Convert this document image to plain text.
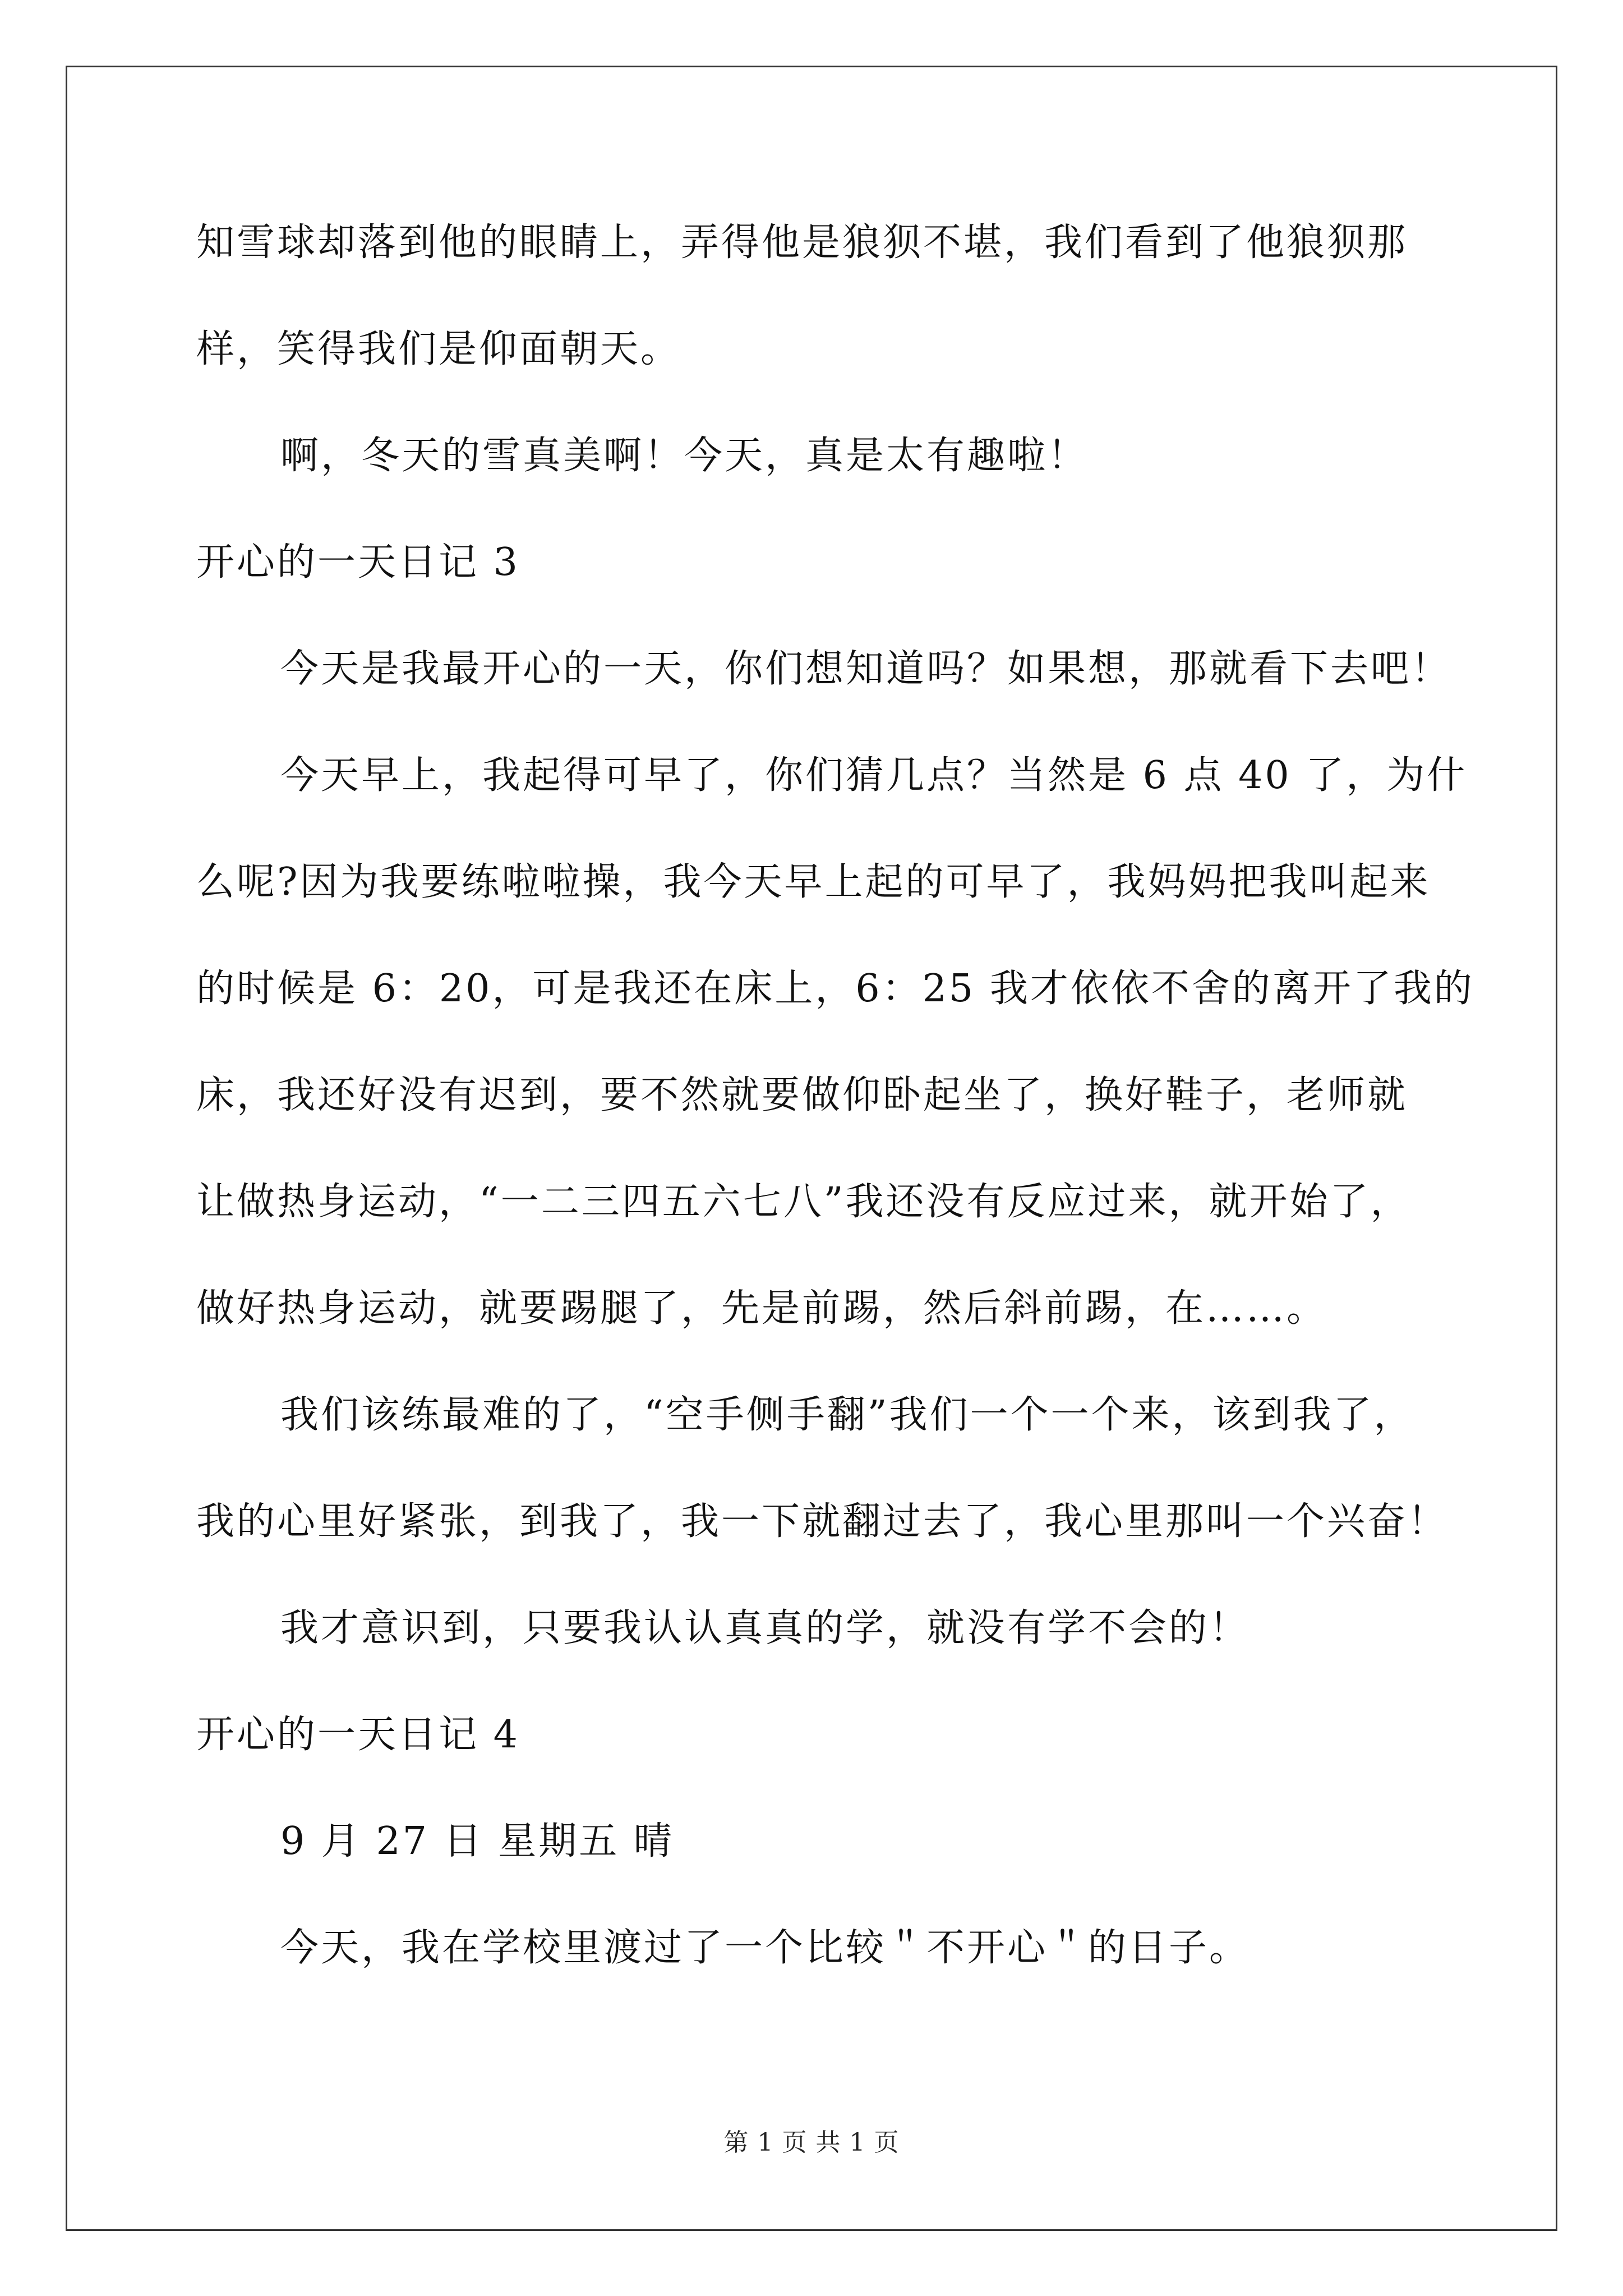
知雪球却落到他的眼睛上，弄得他是狼狈不堪，我们看到了他狼狈那
样，笑得我们是仰面朝天。
啊，冬天的雪真美啊！今天，真是太有趣啦！
开心的一天日记 3
今天是我最开心的一天，你们想知道吗？如果想，那就看下去吧！
今天早上，我起得可早了，你们猜几点？当然是 6 点 40 了，为什
么呢?因为我要练啦啦操，我今天早上起的可早了，我妈妈把我叫起来
的时候是 6：20，可是我还在床上，6：25 我才依依不舍的离开了我的
床，我还好没有迟到，要不然就要做仰卧起坐了，换好鞋子，老师就
让做热身运动，“一二三四五六七八”我还没有反应过来，就开始了，
做好热身运动，就要踢腿了，先是前踢，然后斜前踢，在……。
我们该练最难的了，“空手侧手翻”我们一个一个来，该到我了，
我的心里好紧张，到我了，我一下就翻过去了，我心里那叫一个兴奋！
我才意识到，只要我认认真真的学，就没有学不会的！
开心的一天日记 4
9 月 27 日 星期五 晴
今天，我在学校里渡过了一个比较＂不开心＂的日子。
第 1 页 共 1 页
